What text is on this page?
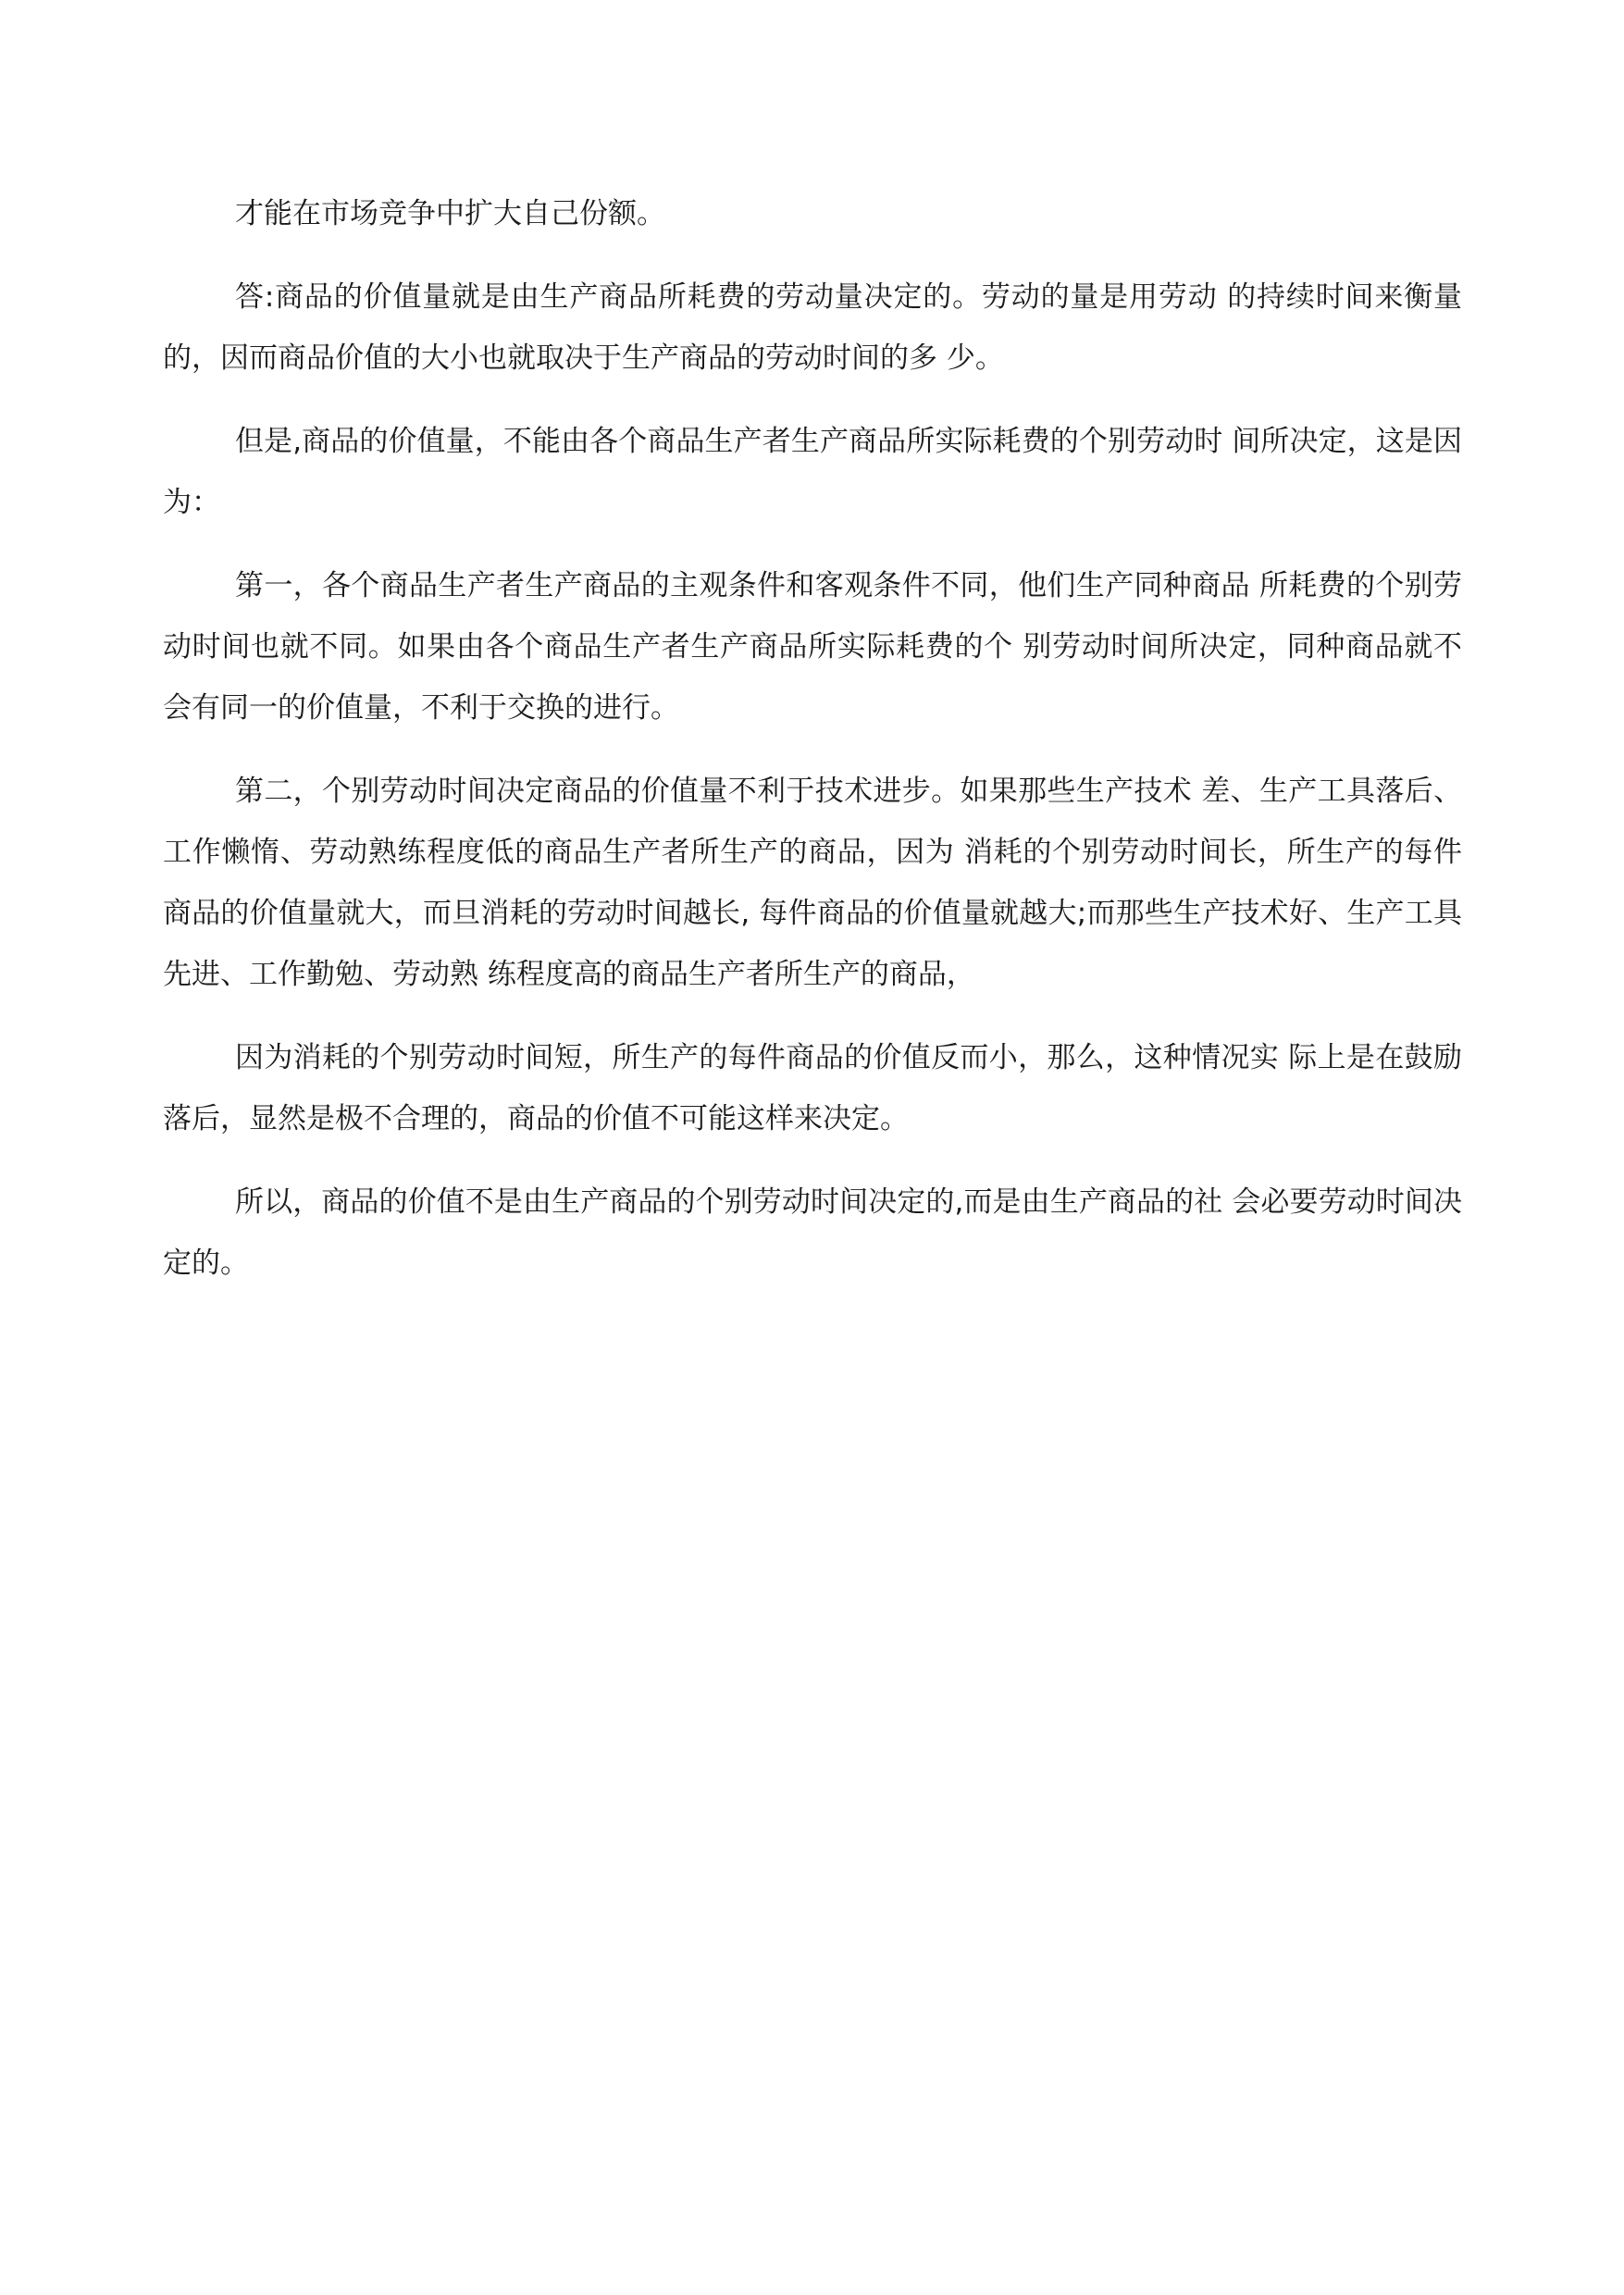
才能在市场竞争中扩大自己份额。

答:商品的价值量就是由生产商品所耗费的劳动量决定的。劳动的量是用劳动 的持续时间来衡量的，因而商品价值的大小也就取决于生产商品的劳动时间的多 少。

但是,商品的价值量，不能由各个商品生产者生产商品所实际耗费的个别劳动时 间所决定，这是因为：

第一，各个商品生产者生产商品的主观条件和客观条件不同，他们生产同种商品 所耗费的个别劳动时间也就不同。如果由各个商品生产者生产商品所实际耗费的个 别劳动时间所决定，同种商品就不会有同一的价值量，不利于交换的进行。

第二，个别劳动时间决定商品的价值量不利于技术进步。如果那些生产技术 差、生产工具落后、工作懒惰、劳动熟练程度低的商品生产者所生产的商品，因为 消耗的个别劳动时间长，所生产的每件商品的价值量就大，而旦消耗的劳动时间越长, 每件商品的价值量就越大;而那些生产技术好、生产工具先进、工作勤勉、劳动熟 练程度高的商品生产者所生产的商品，

因为消耗的个别劳动时间短，所生产的每件商品的价值反而小，那么，这种情况实 际上是在鼓励落后，显然是极不合理的，商品的价值不可能这样来决定。

所以，商品的价值不是由生产商品的个别劳动时间决定的,而是由生产商品的社 会必要劳动时间决定的。
